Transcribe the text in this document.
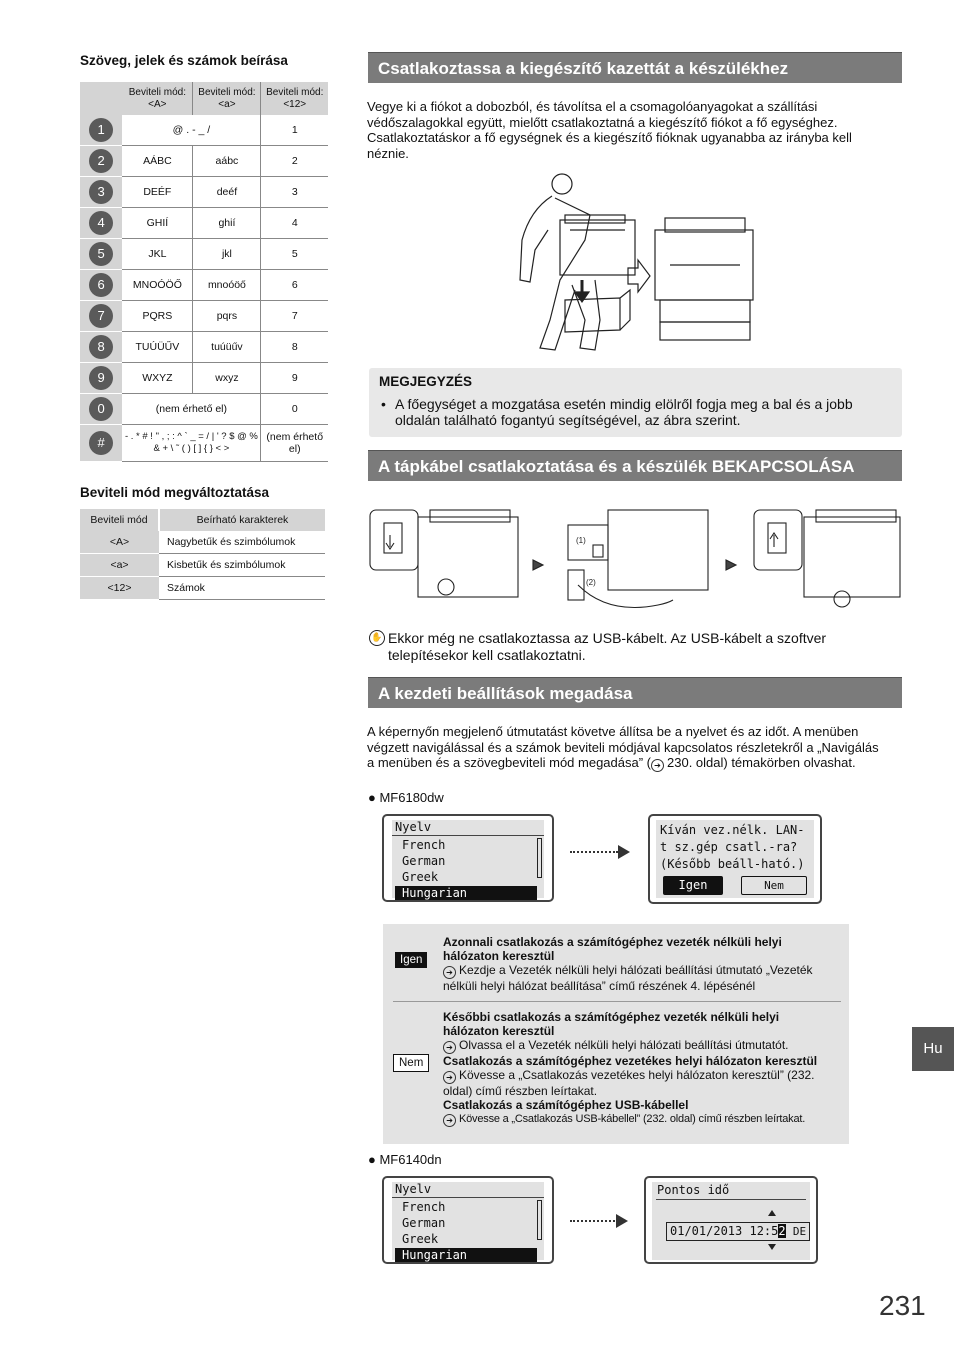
Szöveg, jelek és számok beírása
	Beviteli mód: <A>	Beviteli mód: <a>	Beviteli mód: <12>
1	@ . - _ /		1
2	AÁBC	aábc	2
3	DEÉF	deéf	3
4	GHIÍ	ghií	4
5	JKL	jkl	5
6	MNOÓÖŐ	mnoóöő	6
7	PQRS	pqrs	7
8	TUÚÜŰV	tuúüűv	8
9	WXYZ	wxyz	9
0	(nem érhető el)		0
#	- . * # ! " , ; : ^ ` _ = / | ' ? $ @ % & + \ ˜ ( ) [ ] { } < >		(nem érhető el)
Beviteli mód megváltoztatása
Beviteli mód	Beírható karakterek
<A>	Nagybetűk és szimbólumok
<a>	Kisbetűk és szimbólumok
<12>	Számok
Csatlakoztassa a kiegészítő kazettát a készülékhez
Vegye ki a fiókot a dobozból, és távolítsa el a csomagolóanyagokat a szállítási
védőszalagokkal együtt, mielőtt csatlakoztatná a kiegészítő fiókot a fő egységhez.
Csatlakoztatáskor a fő egységnek és a kiegészítő fióknak ugyanabba az irányba kell
néznie.
MEGJEGYZÉS
• A főegységet a mozgatása esetén mindig elölről fogja meg a bal és a jobb
oldalán található fogantyú segítségével, az ábra szerint.
A tápkábel csatlakoztatása és a készülék BEKAPCSOLÁSA
(1)
(2)
✋ Ekkor még ne csatlakoztassa az USB-kábelt. Az USB-kábelt a szoftver
telepítésekor kell csatlakoztatni.
A kezdeti beállítások megadása
A képernyőn megjelenő útmutatást követve állítsa be a nyelvet és az időt. A menüben
végzett navigálással és a számok beviteli módjával kapcsolatos részletekről a „Navigálás
a menüben és a szövegbeviteli mód megadása” ( ➔ 230. oldal) témakörben olvashat.
● MF6180dw
Nyelv
French
German
Greek
Hungarian
Kíván vez.nélk. LAN-
t sz.gép csatl.-ra?
(Később beáll-ható.)
Igen	Nem
Igen
Azonnali csatlakozás a számítógéphez vezeték nélküli helyi hálózaton keresztül
➔ Kezdje a Vezeték nélküli helyi hálózati beállítási útmutató „Vezeték nélküli helyi hálózat beállítása” című részének 4. lépésénél
Nem
Későbbi csatlakozás a számítógéphez vezeték nélküli helyi hálózaton keresztül
➔ Olvassa el a Vezeték nélküli helyi hálózati beállítási útmutatót.
Csatlakozás a számítógéphez vezetékes helyi hálózaton keresztül
➔ Kövesse a „Csatlakozás vezetékes helyi hálózaton keresztül” (232. oldal) című részben leírtakat.
Csatlakozás a számítógéphez USB-kábellel
➔ Kövesse a „Csatlakozás USB-kábellel” (232. oldal) című részben leírtakat.
● MF6140dn
Nyelv
French
German
Greek
Hungarian
Pontos idő
01/01/2013 12:52 DE
Hu
231
